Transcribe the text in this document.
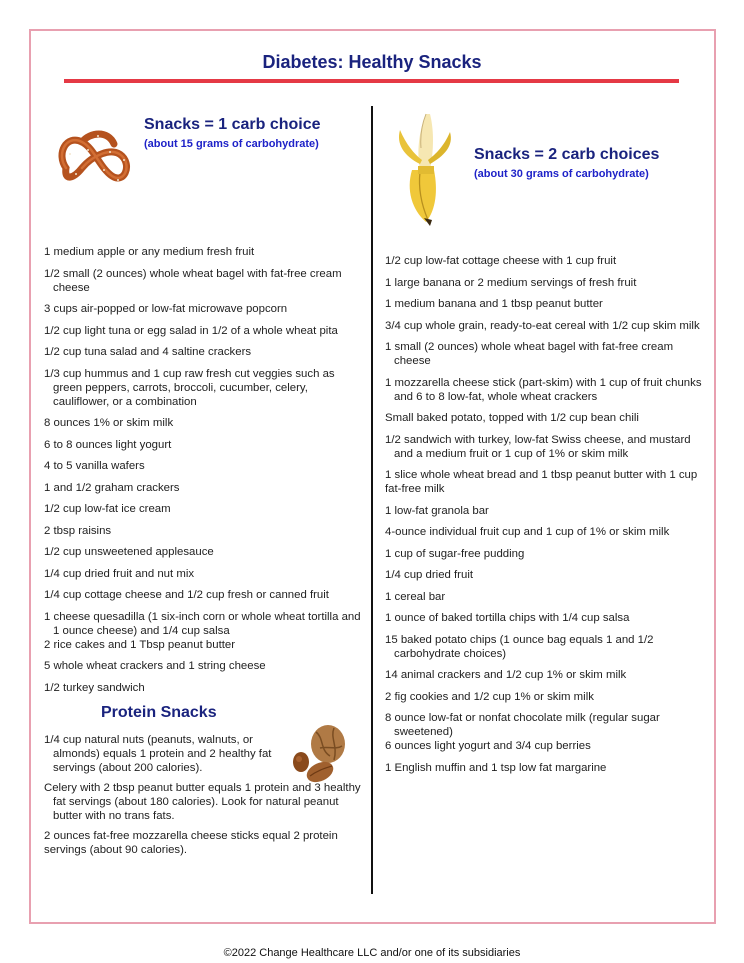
Diabetes: Healthy Snacks
Snacks = 1 carb choice
(about 15 grams of carbohydrate)
1 medium apple or any medium fresh fruit
1/2 small (2 ounces) whole wheat bagel with fat-free cream cheese
3 cups air-popped or low-fat microwave popcorn
1/2 cup light tuna or egg salad in 1/2 of a whole wheat pita
1/2 cup tuna salad and 4 saltine crackers
1/3 cup hummus and 1 cup raw fresh cut veggies such as green peppers, carrots, broccoli, cucumber, celery, cauliflower, or a combination
8 ounces 1% or skim milk
6 to 8 ounces light yogurt
4 to 5 vanilla wafers
1 and 1/2 graham crackers
1/2 cup low-fat ice cream
2 tbsp raisins
1/2 cup unsweetened applesauce
1/4 cup dried fruit and nut mix
1/4 cup cottage cheese and 1/2 cup fresh or canned fruit
1 cheese quesadilla (1 six-inch corn or whole wheat tortilla and 1 ounce cheese) and 1/4 cup salsa
2 rice cakes and 1 Tbsp peanut butter
5 whole wheat crackers and 1 string cheese
1/2 turkey sandwich
Protein Snacks
1/4 cup natural nuts (peanuts, walnuts, or almonds) equals 1 protein and 2 healthy fat servings (about 200 calories).
Celery with 2 tbsp peanut butter equals 1 protein and 3 healthy fat servings (about 180 calories). Look for natural peanut butter with no trans fats.
2 ounces fat-free mozzarella cheese sticks equal 2 protein servings (about 90 calories).
Snacks = 2 carb choices
(about 30 grams of carbohydrate)
1/2 cup low-fat cottage cheese with 1 cup fruit
1 large banana or 2 medium servings of fresh fruit
1 medium banana and 1 tbsp peanut butter
3/4 cup whole grain, ready-to-eat cereal with 1/2 cup skim milk
1 small (2 ounces) whole wheat bagel with fat-free cream cheese
1 mozzarella cheese stick (part-skim) with 1 cup of fruit chunks and 6 to 8 low-fat, whole wheat crackers
Small baked potato, topped with 1/2 cup bean chili
1/2 sandwich with turkey, low-fat Swiss cheese, and mustard and a medium fruit or 1 cup of 1% or skim milk
1 slice whole wheat bread and 1 tbsp peanut butter with 1 cup fat-free milk
1 low-fat granola bar
4-ounce individual fruit cup and 1 cup of 1% or skim milk
1 cup of sugar-free pudding
1/4 cup dried fruit
1 cereal bar
1 ounce of baked tortilla chips with 1/4 cup salsa
15 baked potato chips (1 ounce bag equals 1 and 1/2 carbohydrate choices)
14 animal crackers and 1/2 cup 1% or skim milk
2 fig cookies and 1/2 cup 1% or skim milk
8 ounce low-fat or nonfat chocolate milk (regular sugar sweetened)
6 ounces light yogurt and 3/4 cup berries
1 English muffin and 1 tsp low fat margarine
©2022 Change Healthcare LLC and/or one of its subsidiaries
